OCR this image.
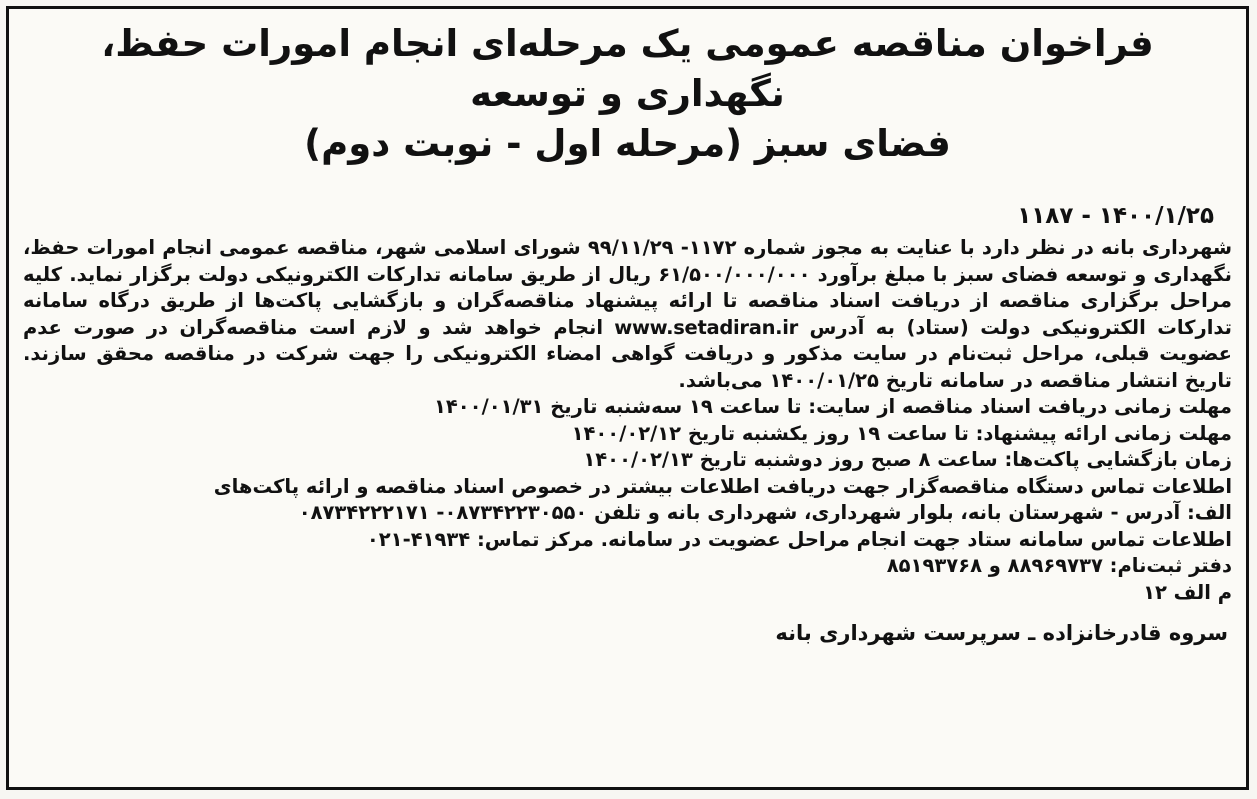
فراخوان مناقصه عمومی یک مرحله‌ای انجام امورات حفظ، نگهداری و توسعه
فضای سبز (مرحله اول - نوبت دوم)
۱۴۰۰/۱/۲۵ - ۱۱۸۷
شهرداری بانه در نظر دارد با عنایت به مجوز شماره ۱۱۷۲- ۹۹/۱۱/۲۹ شورای اسلامی شهر، مناقصه عمومی انجام امورات حفظ، نگهداری و توسعه فضای سبز با مبلغ برآورد ۶۱/۵۰۰/۰۰۰/۰۰۰ ریال از طریق سامانه تدارکات الکترونیکی دولت برگزار نماید. کلیه مراحل برگزاری مناقصه از دریافت اسناد مناقصه تا ارائه پیشنهاد مناقصه‌گران و بازگشایی پاکت‌ها از طریق درگاه سامانه تدارکات الکترونیکی دولت (ستاد) به آدرس www.setadiran.ir انجام خواهد شد و لازم است مناقصه‌گران در صورت عدم عضویت قبلی، مراحل ثبت‌نام در سایت مذکور و دریافت گواهی امضاء الکترونیکی را جهت شرکت در مناقصه محقق سازند. تاریخ انتشار مناقصه در سامانه تاریخ ۱۴۰۰/۰۱/۲۵ می‌باشد.
مهلت زمانی دریافت اسناد مناقصه از سایت: تا ساعت ۱۹ سه‌شنبه تاریخ ۱۴۰۰/۰۱/۳۱
مهلت زمانی ارائه پیشنهاد: تا ساعت ۱۹ روز یکشنبه تاریخ ۱۴۰۰/۰۲/۱۲
زمان بازگشایی پاکت‌ها: ساعت ۸ صبح روز دوشنبه تاریخ ۱۴۰۰/۰۲/۱۳
اطلاعات تماس دستگاه مناقصه‌گزار جهت دریافت اطلاعات بیشتر در خصوص اسناد مناقصه و ارائه پاکت‌های
الف: آدرس - شهرستان بانه، بلوار شهرداری، شهرداری بانه و تلفن ۰۸۷۳۴۲۲۳۰۵۵۰- ۰۸۷۳۴۲۲۲۱۷۱
اطلاعات تماس سامانه ستاد جهت انجام مراحل عضویت در سامانه. مرکز تماس: ۴۱۹۳۴-۰۲۱
دفتر ثبت‌نام: ۸۸۹۶۹۷۳۷ و ۸۵۱۹۳۷۶۸
م الف ۱۲
سروه قادرخانزاده ـ سرپرست شهرداری بانه
